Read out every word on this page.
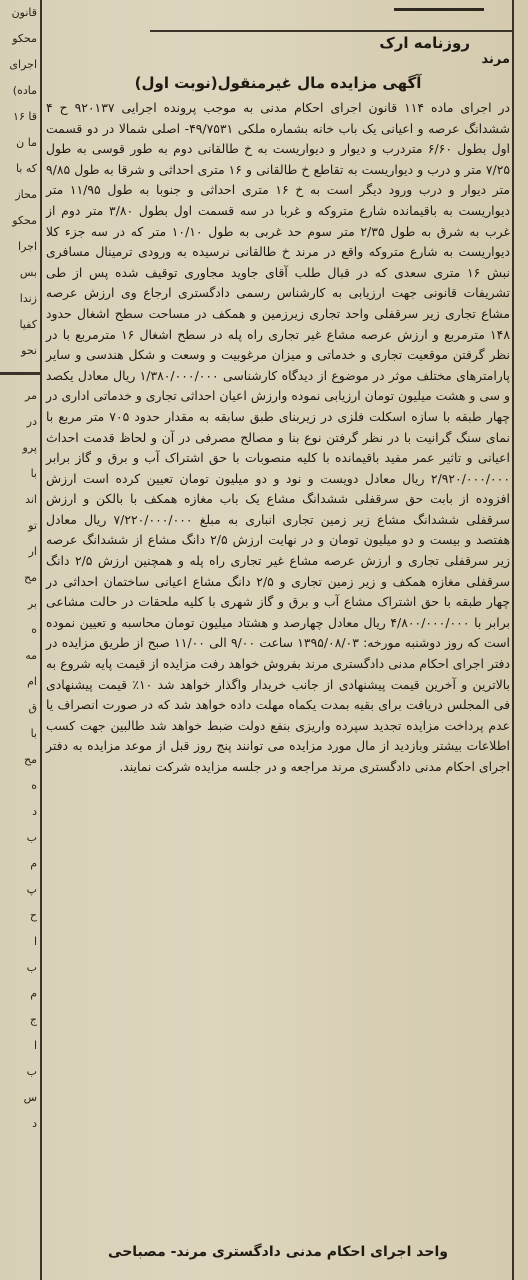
قانون
محکو
اجرای
(ماده
۱۶ قا
ما ن
که با
محاز
محکو
اجرا
بس
زندا
کفیا
نحو
مر
در
پرو
با
اند
تو
ار
مح
بر
ه
مه
ام
ق
با
مح
ه
د
ب
م
پ
ح
ا
ب
م
ج
ا
ب
س
د
روزنامه ارک
مرند
آگهی مزایده مال غیرمنقول(نوبت اول)
در اجرای ماده ۱۱۴ قانون اجرای احکام مدنی به موجب پرونده اجرایی ۹۲۰۱۳۷ ح ۴ ششدانگ عرصه و اعیانی یک باب خانه بشماره ملکی ۴۹/۷۵۳۱- اصلی شمالا در دو قسمت اول بطول ۶/۶۰ متردرب و دیوار و دیواریست به خ طالقانی دوم به طور قوسی به طول ۷/۲۵ متر و درب و دیواریست به تقاطع خ طالقانی و ۱۶ متری احداثی و شرقا به طول ۹/۸۵ متر دیوار و درب ورود دیگر است به خ ۱۶ متری احداثی و جنوبا به طول ۱۱/۹۵ متر دیواریست به باقیمانده شارع متروکه و غربا در سه قسمت اول بطول ۳/۸۰ متر دوم از غرب به شرق به طول ۲/۳۵ متر سوم حد غربی به طول ۱۰/۱۰ متر که در سه جزء کلا دیواریست به شارع متروکه واقع در مرند خ طالقانی نرسیده به ورودی ترمینال مسافری نبش ۱۶ متری سعدی که در قبال طلب آقای جاوید مجاوری توقیف شده پس از طی تشریفات قانونی جهت ارزیابی به کارشناس رسمی دادگستری ارجاع وی ارزش عرصه مشاع تجاری زیر سرقفلی واحد تجاری زیرزمین و همکف در مساحت سطح اشغال حدود ۱۴۸ مترمربع و ارزش عرصه مشاع غیر تجاری راه پله در سطح اشغال ۱۶ مترمربع با در نظر گرفتن موقعیت تجاری و خدماتی و میزان مرغوبیت و وسعت و شکل هندسی و سایر پارامترهای مختلف موثر در موضوع از دیدگاه کارشناسی ۱/۳۸۰/۰۰۰/۰۰۰ ریال معادل یکصد و سی و هشت میلیون تومان ارزیابی نموده وارزش اعیان احداثی تجاری و خدماتی اداری در چهار طبقه با سازه اسکلت فلزی در زیربنای طبق سابقه به مقدار حدود ۷۰۵ متر مربع با نمای سنگ گرانیت با در نظر گرفتن نوع بنا و مصالح مصرفی در آن و لحاظ قدمت احداث اعیانی و تاثیر عمر مفید باقیمانده با کلیه منصوبات با حق اشتراک آب و برق و گاز برابر ۲/۹۲۰/۰۰۰/۰۰۰ ریال معادل دویست و نود و دو میلیون تومان تعیین کرده است ارزش افزوده از بابت حق سرقفلی ششدانگ مشاع یک باب مغازه همکف با بالکن و ارزش سرقفلی ششدانگ مشاع زیر زمین تجاری انباری به مبلغ ۷/۲۲۰/۰۰۰/۰۰۰ ریال معادل هفتصد و بیست و دو میلیون تومان و در نهایت ارزش ۲/۵ دانگ مشاع از ششدانگ عرصه زیر سرقفلی تجاری و ارزش عرصه مشاع غیر تجاری راه پله و همچنین ارزش ۲/۵ دانگ سرقفلی مغازه همکف و زیر زمین تجاری و ۲/۵ دانگ مشاع اعیانی ساختمان احداثی در چهار طبقه با حق اشتراک مشاع آب و برق و گاز شهری با کلیه ملحقات در حالت مشاعی برابر با ۴/۸۰۰/۰۰۰/۰۰۰ ریال معادل چهارصد و هشتاد میلیون تومان محاسبه و تعیین نموده است که روز دوشنبه مورخه: ۱۳۹۵/۰۸/۰۳ ساعت ۹/۰۰ الی ۱۱/۰۰ صبح از طریق مزایده در دفتر اجرای احکام مدنی دادگستری مرند بفروش خواهد رفت مزایده از قیمت پایه شروع به بالاترین و آخرین قیمت پیشنهادی از جانب خریدار واگذار خواهد شد ۱۰٪ قیمت پیشنهادی فی المجلس دریافت برای بقیه بمدت یکماه مهلت داده خواهد شد که در صورت انصراف یا عدم پرداخت مزایده تجدید سپرده واریزی بنفع دولت ضبط خواهد شد طالبین جهت کسب اطلاعات بیشتر وبازدید از مال مورد مزایده می توانند پنج روز قبل از موعد مزایده به دفتر اجرای احکام مدنی دادگستری مرند مراجعه و در جلسه مزایده شرکت نمایند.
واحد اجرای احکام مدنی دادگستری مرند- مصباحی
